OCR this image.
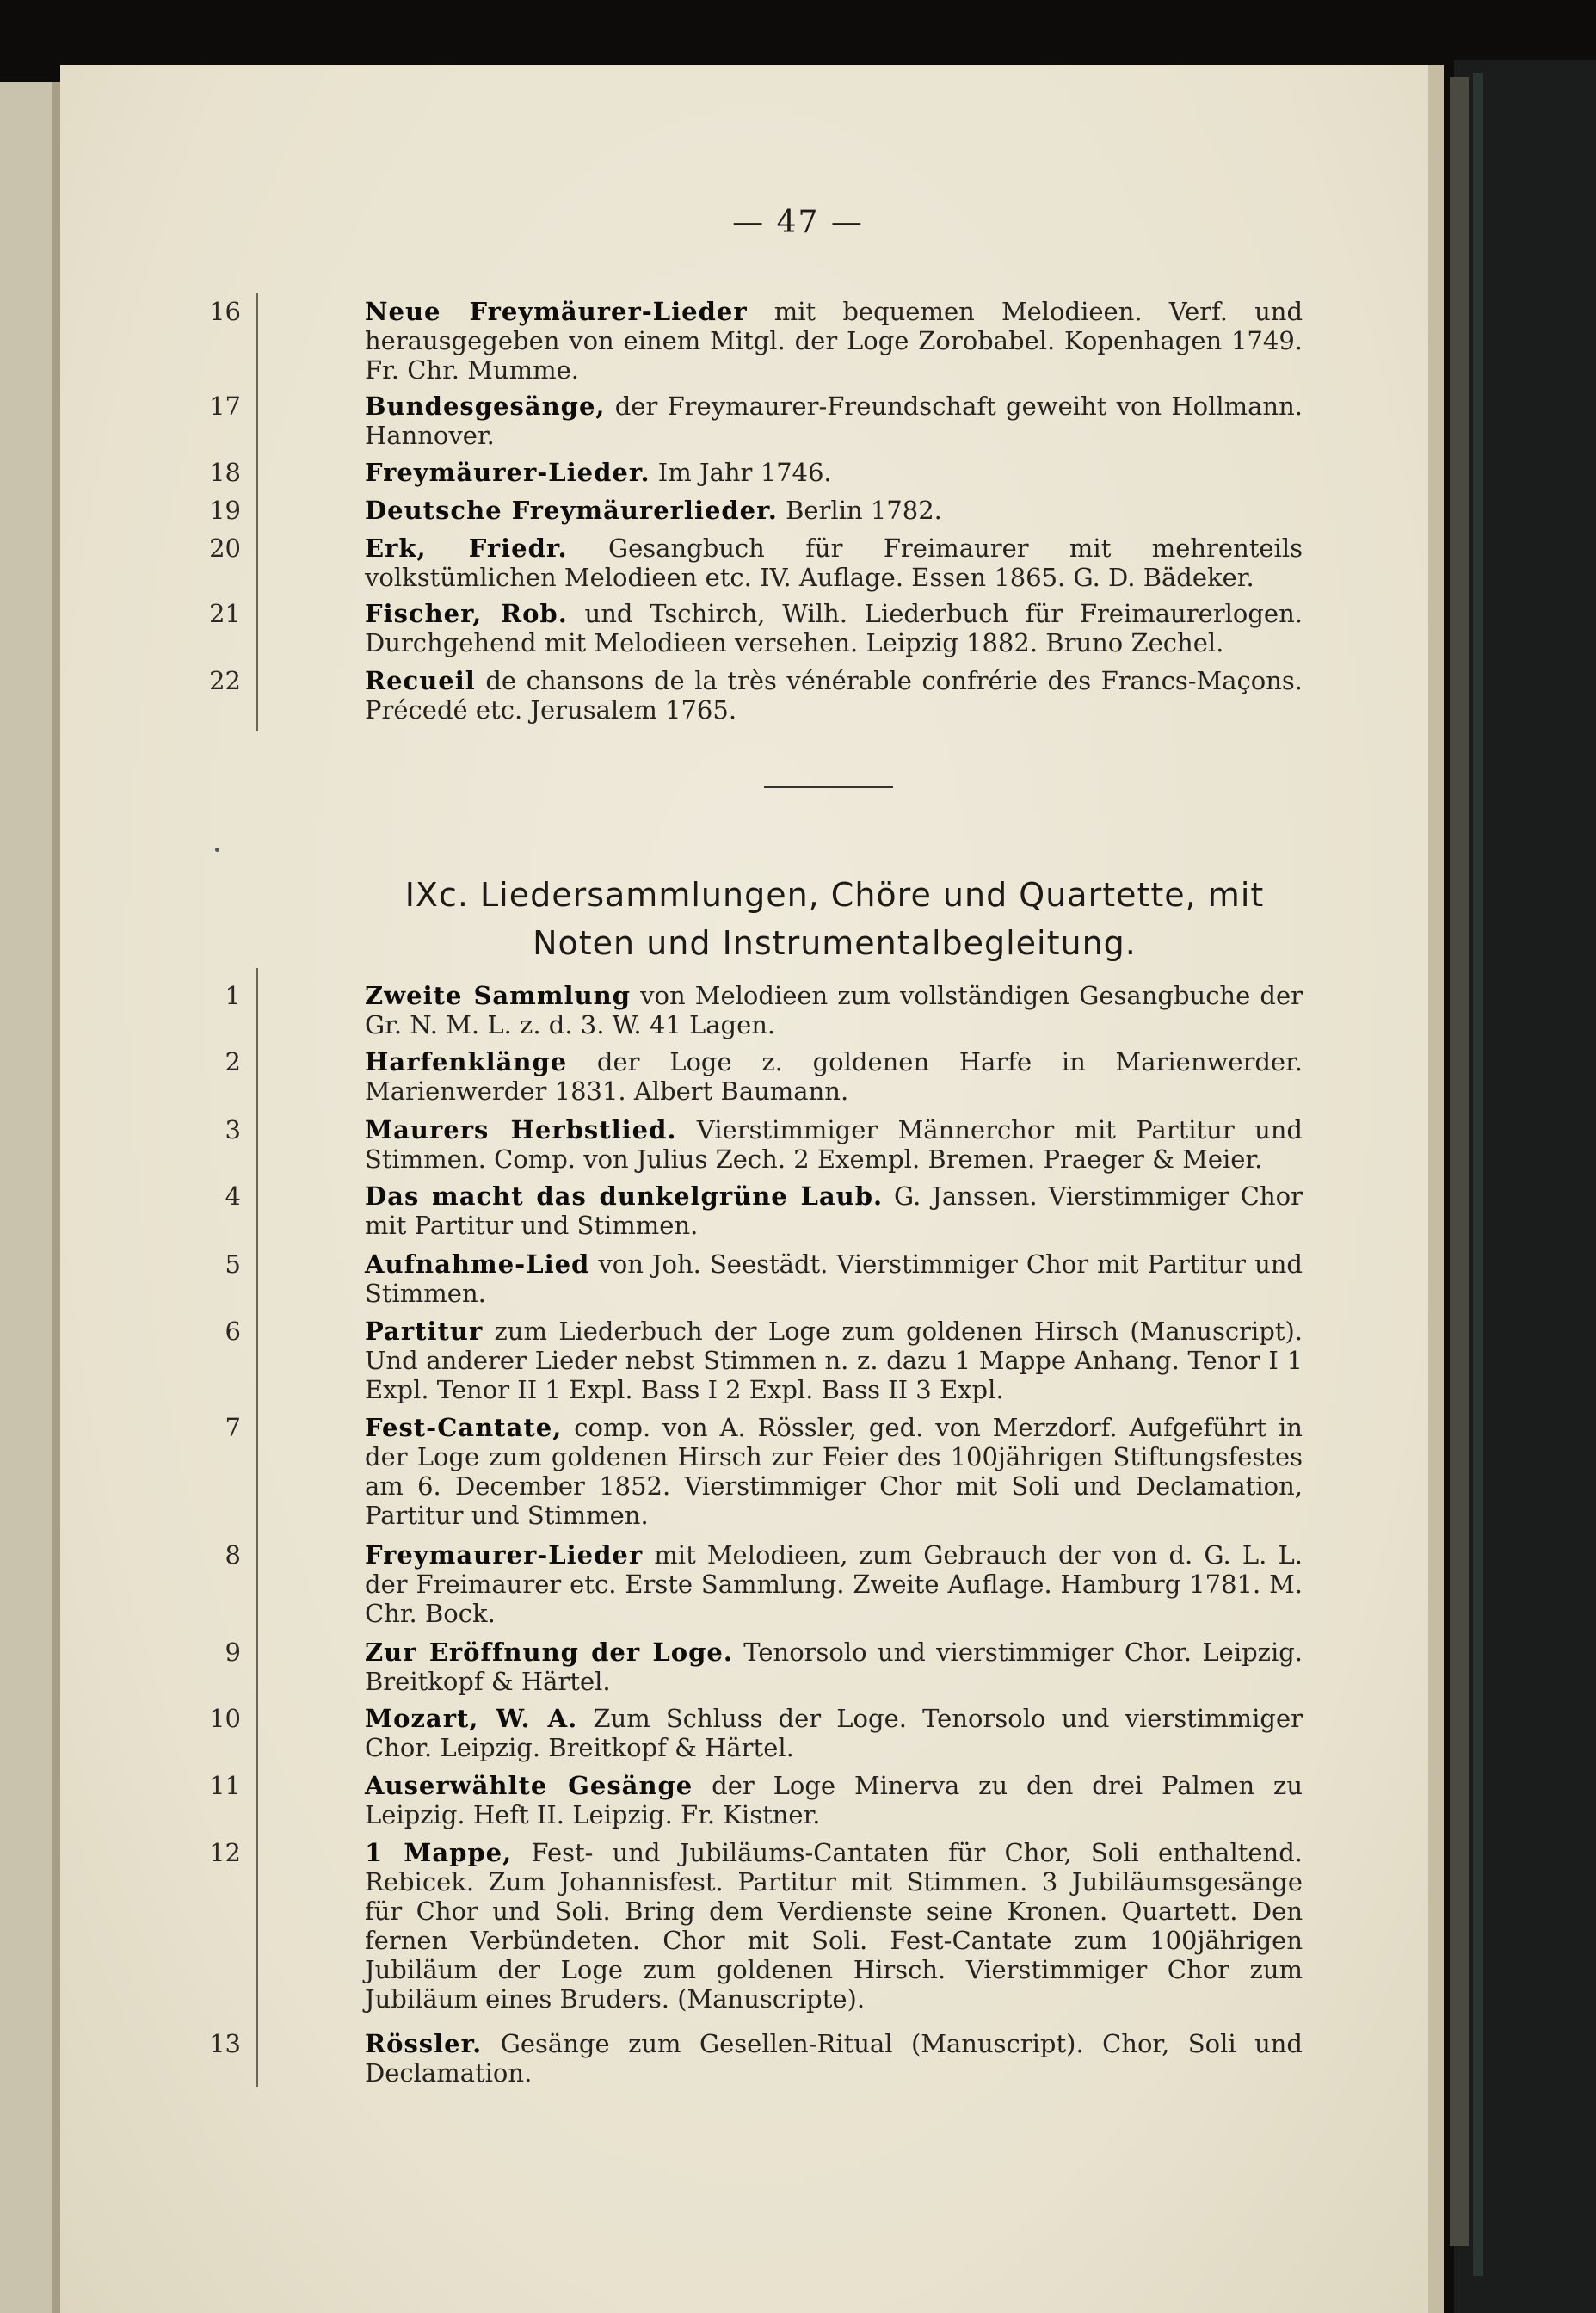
— 47 —
16	Neue Freymäurer-Lieder mit bequemen Melodieen. Verf. und herausgegeben von einem Mitgl. der Loge Zorobabel. Kopenhagen 1749. Fr. Chr. Mumme.
17	Bundesgesänge, der Freymaurer-Freundschaft geweiht von Hollmann. Hannover.
18	Freymäurer-Lieder. Im Jahr 1746.
19	Deutsche Freymäurerlieder. Berlin 1782.
20	Erk, Friedr. Gesangbuch für Freimaurer mit mehrenteils volkstümlichen Melodieen etc. IV. Auflage. Essen 1865. G. D. Bädeker.
21	Fischer, Rob. und Tschirch, Wilh. Liederbuch für Freimaurerlogen. Durchgehend mit Melodieen versehen. Leipzig 1882. Bruno Zechel.
22	Recueil de chansons de la très vénérable confrérie des Francs-Maçons. Précedé etc. Jerusalem 1765.
IXc. Liedersammlungen, Chöre und Quartette, mit
Noten und Instrumentalbegleitung.
1	Zweite Sammlung von Melodieen zum vollständigen Gesangbuche der Gr. N. M. L. z. d. 3. W. 41 Lagen.
2	Harfenklänge der Loge z. goldenen Harfe in Marienwerder. Marienwerder 1831. Albert Baumann.
3	Maurers Herbstlied. Vierstimmiger Männerchor mit Partitur und Stimmen. Comp. von Julius Zech. 2 Exempl. Bremen. Praeger & Meier.
4	Das macht das dunkelgrüne Laub. G. Janssen. Vierstimmiger Chor mit Partitur und Stimmen.
5	Aufnahme-Lied von Joh. Seestädt. Vierstimmiger Chor mit Partitur und Stimmen.
6	Partitur zum Liederbuch der Loge zum goldenen Hirsch (Manuscript). Und anderer Lieder nebst Stimmen n. z. dazu 1 Mappe Anhang. Tenor I 1 Expl. Tenor II 1 Expl. Bass I 2 Expl. Bass II 3 Expl.
7	Fest-Cantate, comp. von A. Rössler, ged. von Merzdorf. Aufgeführt in der Loge zum goldenen Hirsch zur Feier des 100jährigen Stiftungsfestes am 6. December 1852. Vierstimmiger Chor mit Soli und Declamation, Partitur und Stimmen.
8	Freymaurer-Lieder mit Melodieen, zum Gebrauch der von d. G. L. L. der Freimaurer etc. Erste Sammlung. Zweite Auflage. Hamburg 1781. M. Chr. Bock.
9	Zur Eröffnung der Loge. Tenorsolo und vierstimmiger Chor. Leipzig. Breitkopf & Härtel.
10	Mozart, W. A. Zum Schluss der Loge. Tenorsolo und vierstimmiger Chor. Leipzig. Breitkopf & Härtel.
11	Auserwählte Gesänge der Loge Minerva zu den drei Palmen zu Leipzig. Heft II. Leipzig. Fr. Kistner.
12	1 Mappe, Fest- und Jubiläums-Cantaten für Chor, Soli enthaltend. Rebicek. Zum Johannisfest. Partitur mit Stimmen. 3 Jubiläumsgesänge für Chor und Soli. Bring dem Verdienste seine Kronen. Quartett. Den fernen Verbündeten. Chor mit Soli. Fest-Cantate zum 100jährigen Jubiläum der Loge zum goldenen Hirsch. Vierstimmiger Chor zum Jubiläum eines Bruders. (Manuscripte).
13	Rössler. Gesänge zum Gesellen-Ritual (Manuscript). Chor, Soli und Declamation.
